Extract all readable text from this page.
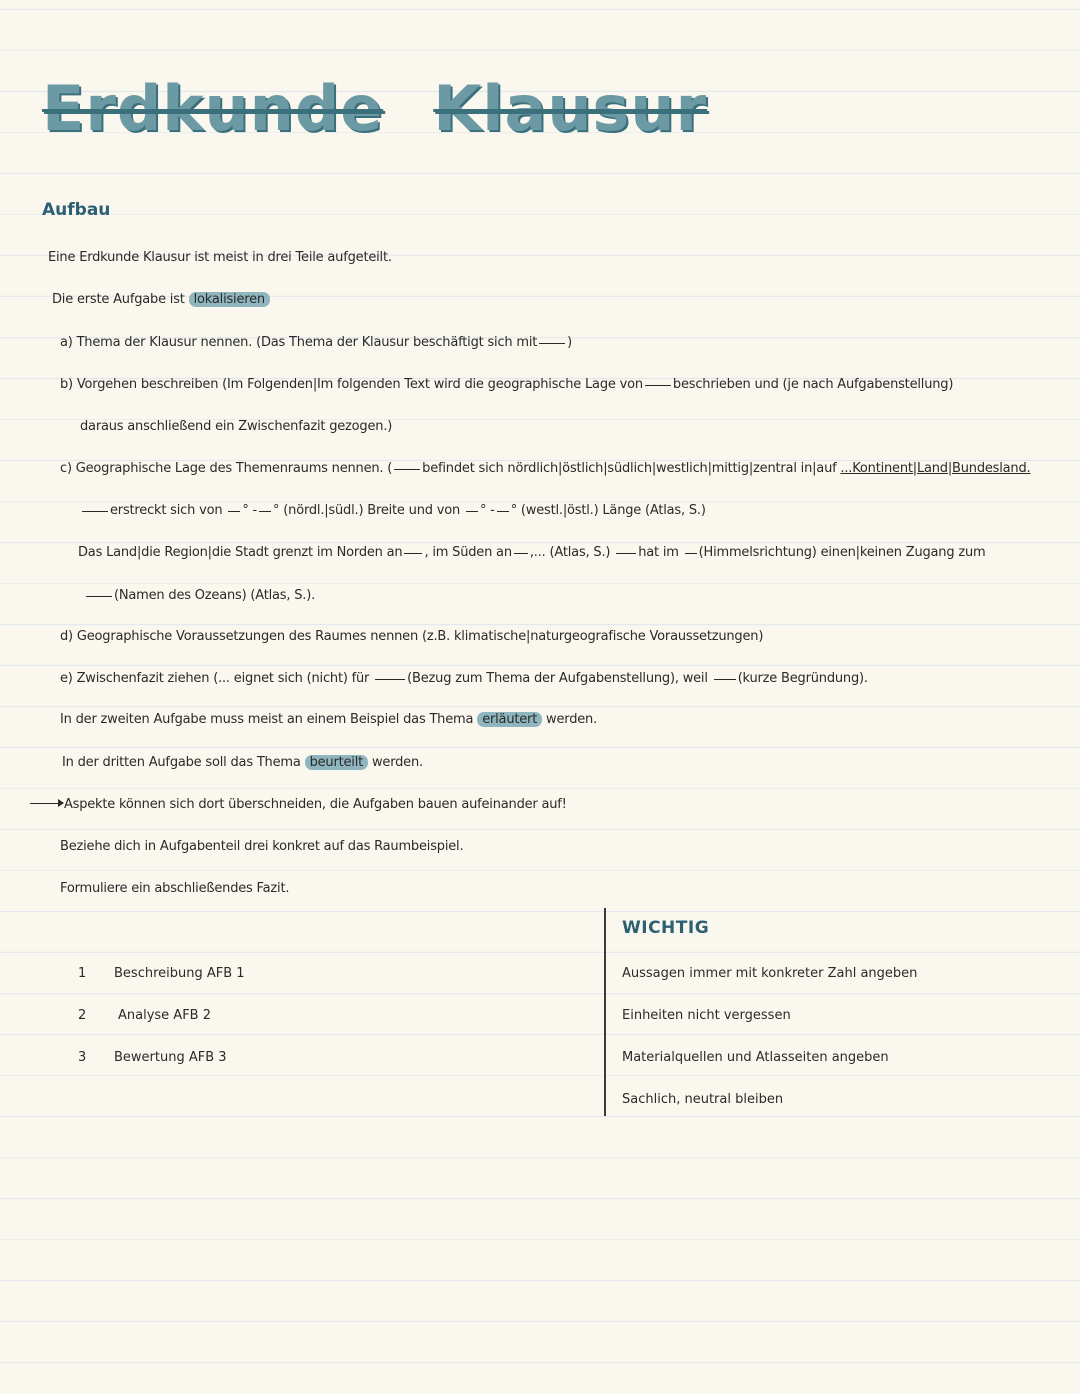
Erdkunde Klausur
Aufbau
Eine Erdkunde Klausur ist meist in drei Teile aufgeteilt.
Die erste Aufgabe ist lokalisieren
a) Thema der Klausur nennen. (Das Thema der Klausur beschäftigt sich mit )
b) Vorgehen beschreiben (Im Folgenden|Im folgenden Text wird die geographische Lage von beschrieben und (je nach Aufgabenstellung)
daraus anschließend ein Zwischenfazit gezogen.)
c) Geographische Lage des Themenraums nennen. ( befindet sich nördlich|östlich|südlich|westlich|mittig|zentral in|auf ...Kontinent|Land|Bundesland.
erstreckt sich von ° - ° (nördl.|südl.) Breite und von ° - ° (westl.|östl.) Länge (Atlas, S.)
Das Land|die Region|die Stadt grenzt im Norden an , im Süden an ,... (Atlas, S.) hat im (Himmelsrichtung) einen|keinen Zugang zum
(Namen des Ozeans) (Atlas, S.).
d) Geographische Voraussetzungen des Raumes nennen (z.B. klimatische|naturgeografische Voraussetzungen)
e) Zwischenfazit ziehen (... eignet sich (nicht) für	(Bezug zum Thema der Aufgabenstellung), weil (kurze Begründung).
In der zweiten Aufgabe muss meist an einem Beispiel das Thema erläutert werden.
In der dritten Aufgabe soll das Thema beurteilt werden.
Aspekte können sich dort überschneiden, die Aufgaben bauen aufeinander auf!
Beziehe dich in Aufgabenteil drei konkret auf das Raumbeispiel.
Formuliere ein abschließendes Fazit.
1 Beschreibung AFB 1
2 Analyse AFB 2
3 Bewertung AFB 3
WICHTIG
Aussagen immer mit konkreter Zahl angeben
Einheiten nicht vergessen
Materialquellen und Atlasseiten angeben
Sachlich, neutral bleiben
